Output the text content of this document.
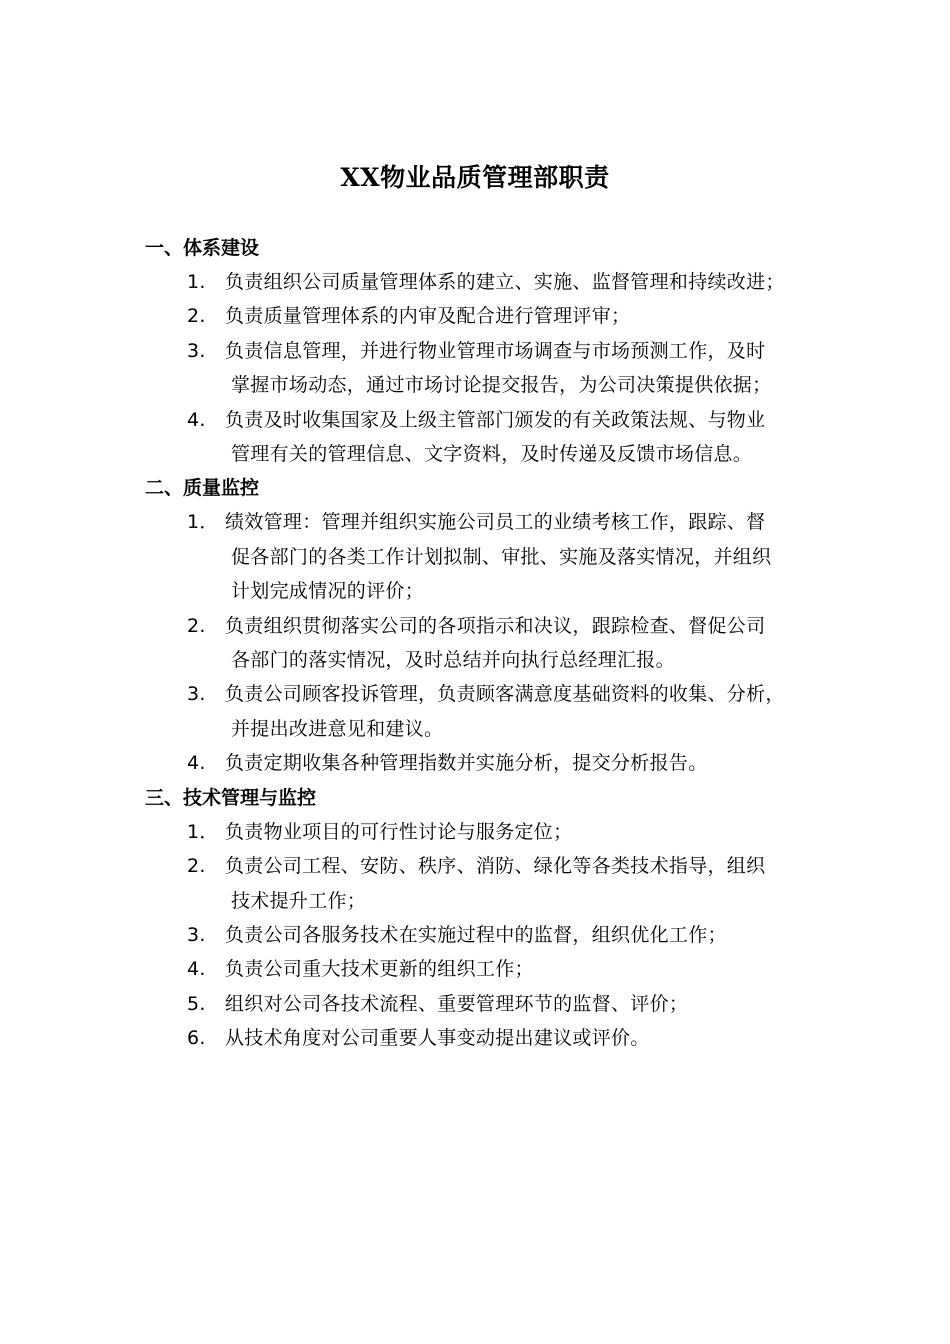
XX物业品质管理部职责
一、体系建设
1.	负责组织公司质量管理体系的建立、实施、监督管理和持续改进；
2.	负责质量管理体系的内审及配合进行管理评审；
3.	负责信息管理，并进行物业管理市场调查与市场预测工作，及时
掌握市场动态，通过市场讨论提交报告，为公司决策提供依据；
4.	负责及时收集国家及上级主管部门颁发的有关政策法规、与物业
管理有关的管理信息、文字资料，及时传递及反馈市场信息。
二、质量监控
1． 绩效管理：管理并组织实施公司员工的业绩考核工作，跟踪、督
促各部门的各类工作计划拟制、审批、实施及落实情况，并组织
计划完成情况的评价；
2.	负责组织贯彻落实公司的各项指示和决议，跟踪检查、督促公司
各部门的落实情况，及时总结并向执行总经理汇报。
3.	负责公司顾客投诉管理，负责顾客满意度基础资料的收集、分析，
并提出改进意见和建议。
4.	负责定期收集各种管理指数并实施分析，提交分析报告。
三、技术管理与监控
1． 负责物业项目的可行性讨论与服务定位；
2.	负责公司工程、安防、秩序、消防、绿化等各类技术指导，组织
技术提升工作；
3.	负责公司各服务技术在实施过程中的监督，组织优化工作；
4.	负责公司重大技术更新的组织工作；
5.	组织对公司各技术流程、重要管理环节的监督、评价；
6.	从技术角度对公司重要人事变动提出建议或评价。
